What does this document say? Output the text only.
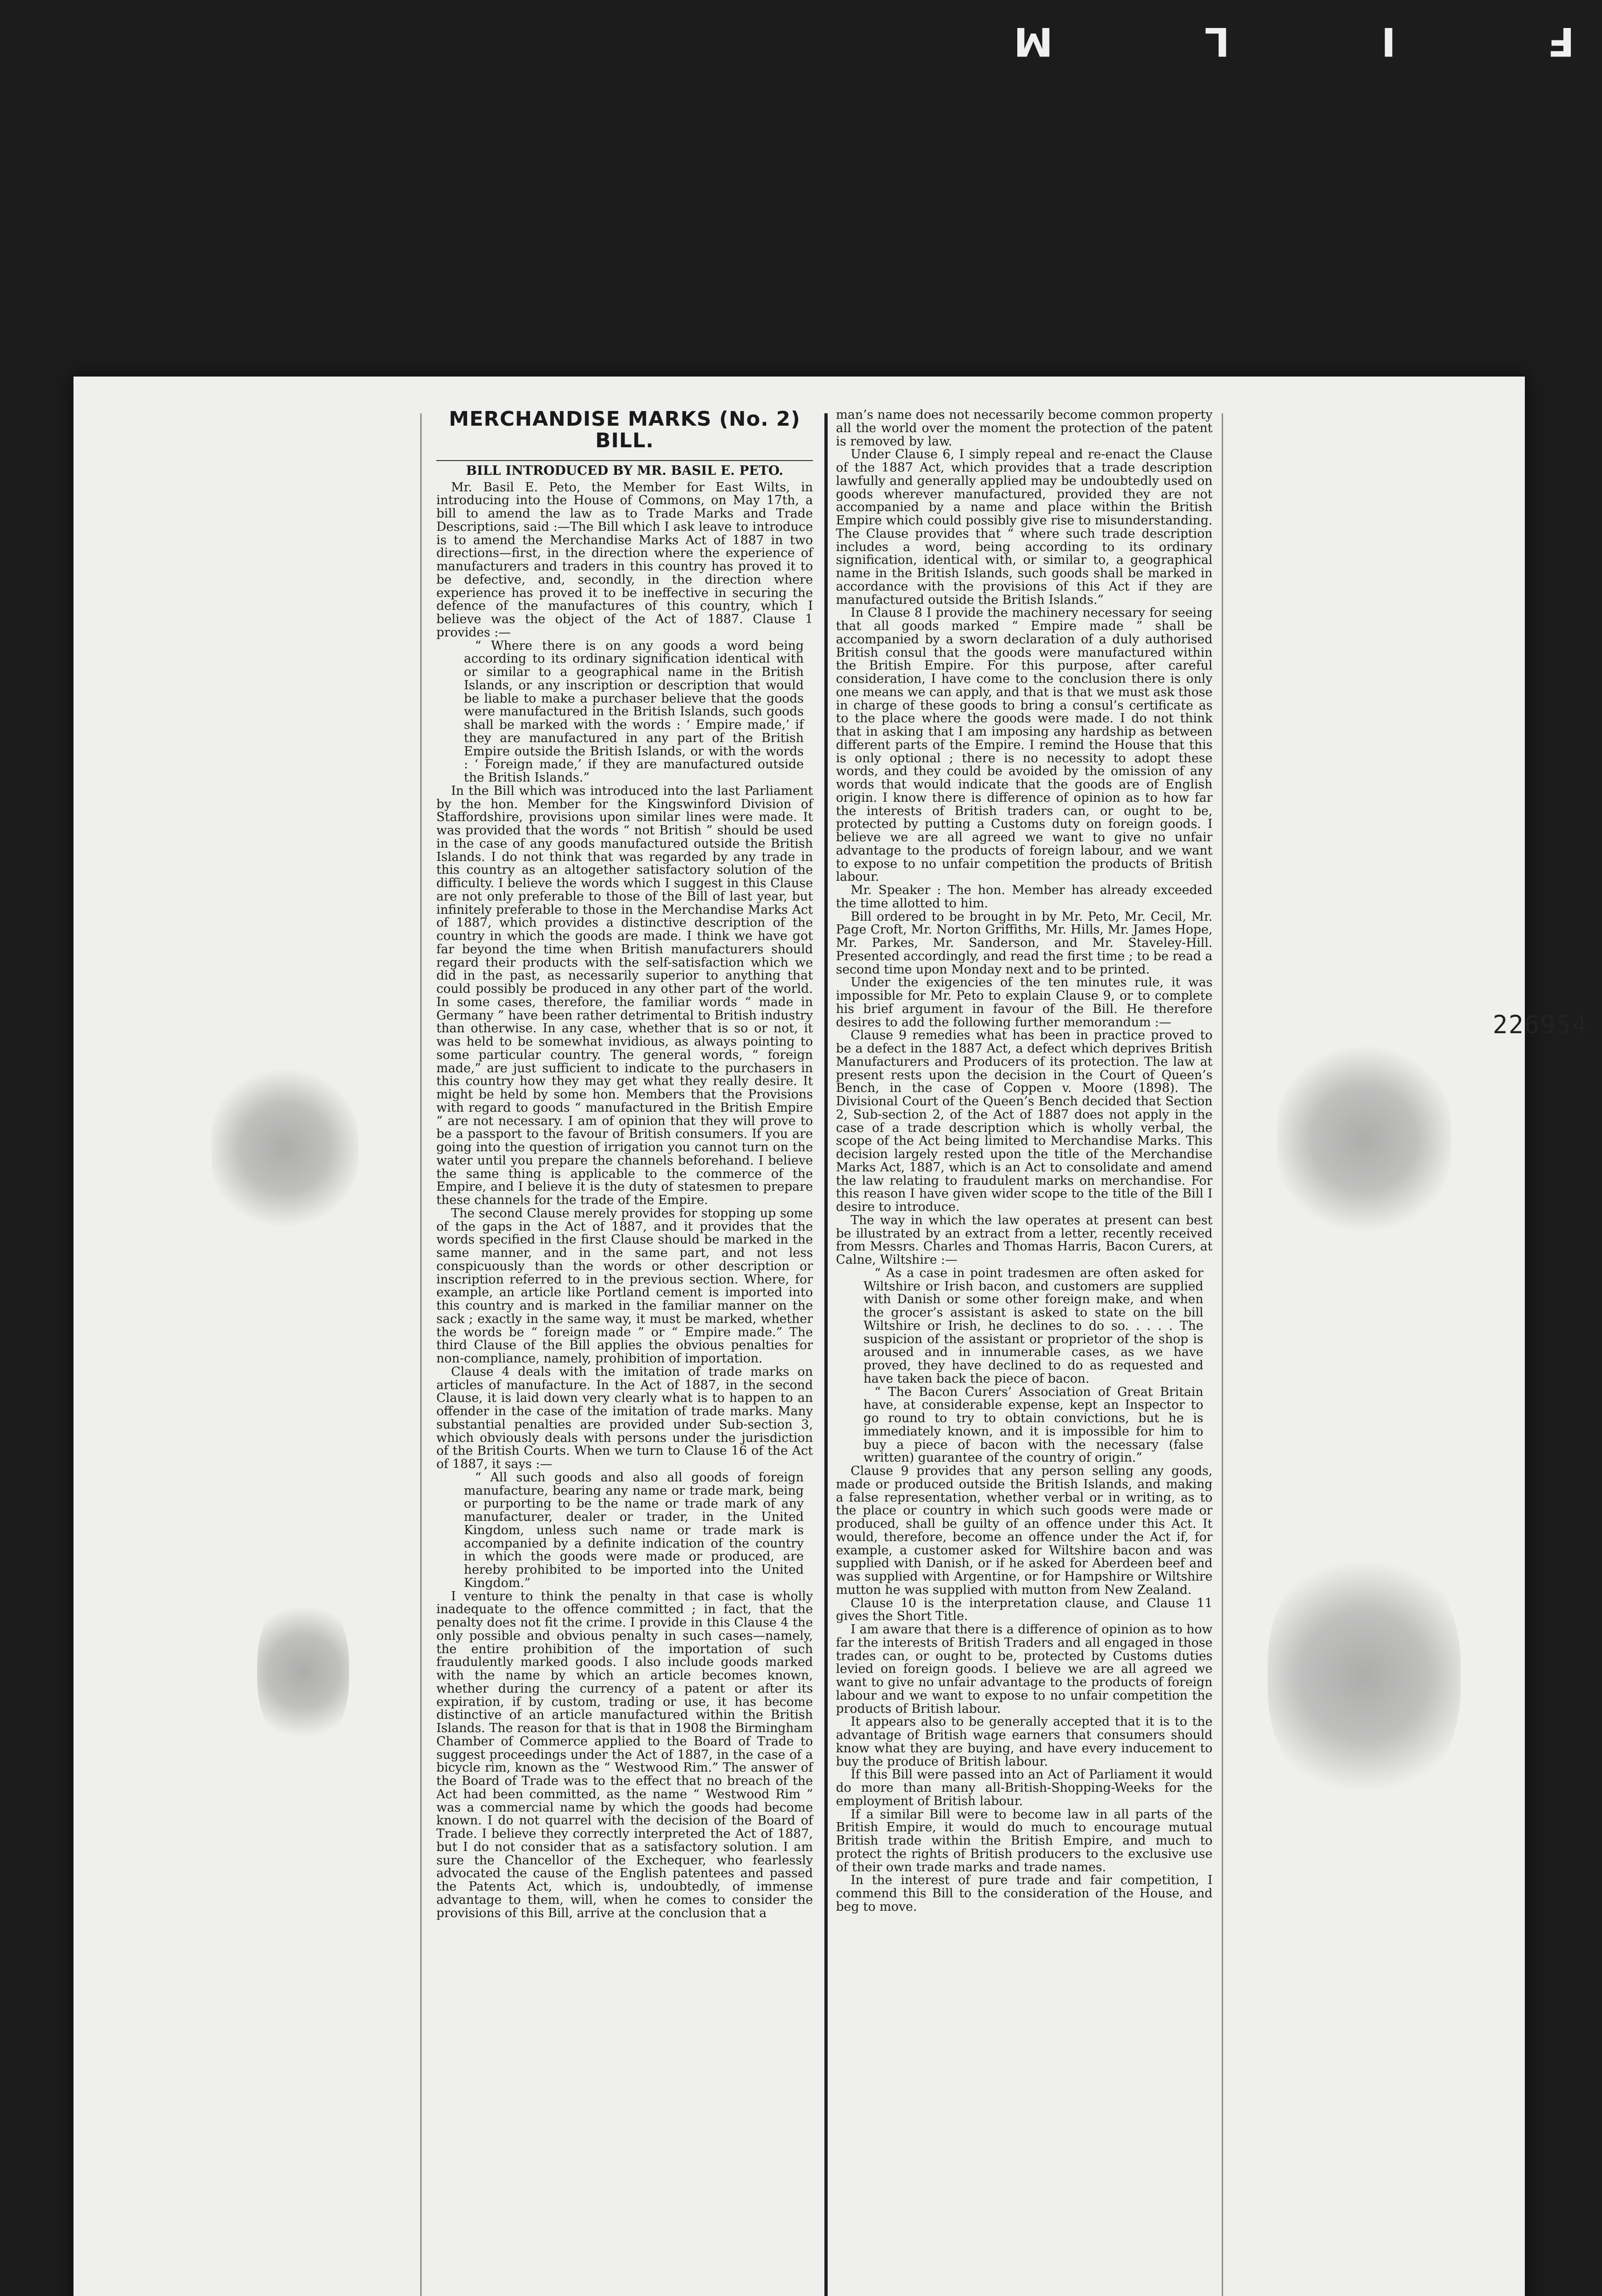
F I L M
MERCHANDISE MARKS (No. 2) BILL.
BILL INTRODUCED BY MR. BASIL E. PETO.

Mr. Basil E. Peto, the Member for East Wilts, in introducing into the House of Commons, on May 17th, a bill to amend the law as to Trade Marks and Trade Descriptions, said :—The Bill which I ask leave to introduce is to amend the Merchandise Marks Act of 1887 in two directions—first, in the direction where the experience of manufacturers and traders in this country has proved it to be defective, and, secondly, in the direction where experience has proved it to be ineffective in securing the defence of the manufactures of this country, which I believe was the object of the Act of 1887. Clause 1 provides :—

“ Where there is on any goods a word being according to its ordinary signification identical with or similar to a geographical name in the British Islands, or any inscription or description that would be liable to make a purchaser believe that the goods were manufactured in the British Islands, such goods shall be marked with the words : ‘ Empire made,’ if they are manufactured in any part of the British Empire outside the British Islands, or with the words : ‘ Foreign made,’ if they are manufactured outside the British Islands.”

In the Bill which was introduced into the last Parliament by the hon. Member for the Kingswinford Division of Staffordshire, provisions upon similar lines were made. It was provided that the words “ not British ” should be used in the case of any goods manufactured outside the British Islands. I do not think that was regarded by any trade in this country as an altogether satisfactory solution of the difficulty. I believe the words which I suggest in this Clause are not only preferable to those of the Bill of last year, but infinitely preferable to those in the Merchandise Marks Act of 1887, which provides a distinctive description of the country in which the goods are made. I think we have got far beyond the time when British manufacturers should regard their products with the self-satisfaction which we did in the past, as necessarily superior to anything that could possibly be produced in any other part of the world. In some cases, therefore, the familiar words “ made in Germany ” have been rather detrimental to British industry than otherwise. In any case, whether that is so or not, it was held to be somewhat invidious, as always pointing to some particular country. The general words, “ foreign made,” are just sufficient to indicate to the purchasers in this country how they may get what they really desire. It might be held by some hon. Members that the Provisions with regard to goods “ manufactured in the British Empire ” are not necessary. I am of opinion that they will prove to be a passport to the favour of British consumers. If you are going into the question of irrigation you cannot turn on the water until you prepare the channels beforehand. I believe the same thing is applicable to the commerce of the Empire, and I believe it is the duty of statesmen to prepare these channels for the trade of the Empire.

The second Clause merely provides for stopping up some of the gaps in the Act of 1887, and it provides that the words specified in the first Clause should be marked in the same manner, and in the same part, and not less conspicuously than the words or other description or inscription referred to in the previous section. Where, for example, an article like Portland cement is imported into this country and is marked in the familiar manner on the sack ; exactly in the same way, it must be marked, whether the words be “ foreign made ” or “ Empire made.” The third Clause of the Bill applies the obvious penalties for non-compliance, namely, prohibition of importation.

Clause 4 deals with the imitation of trade marks on articles of manufacture. In the Act of 1887, in the second Clause, it is laid down very clearly what is to happen to an offender in the case of the imitation of trade marks. Many substantial penalties are provided under Sub-section 3, which obviously deals with persons under the jurisdiction of the British Courts. When we turn to Clause 16 of the Act of 1887, it says :—

“ All such goods and also all goods of foreign manufacture, bearing any name or trade mark, being or purporting to be the name or trade mark of any manufacturer, dealer or trader, in the United Kingdom, unless such name or trade mark is accompanied by a definite indication of the country in which the goods were made or produced, are hereby prohibited to be imported into the United Kingdom.”

I venture to think the penalty in that case is wholly inadequate to the offence committed ; in fact, that the penalty does not fit the crime. I provide in this Clause 4 the only possible and obvious penalty in such cases—namely, the entire prohibition of the importation of such fraudulently marked goods. I also include goods marked with the name by which an article becomes known, whether during the currency of a patent or after its expiration, if by custom, trading or use, it has become distinctive of an article manufactured within the British Islands. The reason for that is that in 1908 the Birmingham Chamber of Commerce applied to the Board of Trade to suggest proceedings under the Act of 1887, in the case of a bicycle rim, known as the “ Westwood Rim.” The answer of the Board of Trade was to the effect that no breach of the Act had been committed, as the name “ Westwood Rim ” was a commercial name by which the goods had become known. I do not quarrel with the decision of the Board of Trade. I believe they correctly interpreted the Act of 1887, but I do not consider that as a satisfactory solution. I am sure the Chancellor of the Exchequer, who fearlessly advocated the cause of the English patentees and passed the Patents Act, which is, undoubtedly, of immense advantage to them, will, when he comes to consider the provisions of this Bill, arrive at the conclusion that a

man’s name does not necessarily become common property all the world over the moment the protection of the patent is removed by law.

Under Clause 6, I simply repeal and re-enact the Clause of the 1887 Act, which provides that a trade description lawfully and generally applied may be undoubtedly used on goods wherever manufactured, provided they are not accompanied by a name and place within the British Empire which could possibly give rise to misunderstanding. The Clause provides that “ where such trade description includes a word, being according to its ordinary signification, identical with, or similar to, a geographical name in the British Islands, such goods shall be marked in accordance with the provisions of this Act if they are manufactured outside the British Islands.”

In Clause 8 I provide the machinery necessary for seeing that all goods marked “ Empire made ” shall be accompanied by a sworn declaration of a duly authorised British consul that the goods were manufactured within the British Empire. For this purpose, after careful consideration, I have come to the conclusion there is only one means we can apply, and that is that we must ask those in charge of these goods to bring a consul’s certificate as to the place where the goods were made. I do not think that in asking that I am imposing any hardship as between different parts of the Empire. I remind the House that this is only optional ; there is no necessity to adopt these words, and they could be avoided by the omission of any words that would indicate that the goods are of English origin. I know there is difference of opinion as to how far the interests of British traders can, or ought to be, protected by putting a Customs duty on foreign goods. I believe we are all agreed we want to give no unfair advantage to the products of foreign labour, and we want to expose to no unfair competition the products of British labour.

Mr. Speaker : The hon. Member has already exceeded the time allotted to him.

Bill ordered to be brought in by Mr. Peto, Mr. Cecil, Mr. Page Croft, Mr. Norton Griffiths, Mr. Hills, Mr. James Hope, Mr. Parkes, Mr. Sanderson, and Mr. Staveley-Hill. Presented accordingly, and read the first time ; to be read a second time upon Monday next and to be printed.

Under the exigencies of the ten minutes rule, it was impossible for Mr. Peto to explain Clause 9, or to complete his brief argument in favour of the Bill. He therefore desires to add the following further memorandum :—

Clause 9 remedies what has been in practice proved to be a defect in the 1887 Act, a defect which deprives British Manufacturers and Producers of its protection. The law at present rests upon the decision in the Court of Queen’s Bench, in the case of Coppen v. Moore (1898). The Divisional Court of the Queen’s Bench decided that Section 2, Sub-section 2, of the Act of 1887 does not apply in the case of a trade description which is wholly verbal, the scope of the Act being limited to Merchandise Marks. This decision largely rested upon the title of the Merchandise Marks Act, 1887, which is an Act to consolidate and amend the law relating to fraudulent marks on merchandise. For this reason I have given wider scope to the title of the Bill I desire to introduce.

The way in which the law operates at present can best be illustrated by an extract from a letter, recently received from Messrs. Charles and Thomas Harris, Bacon Curers, at Calne, Wiltshire :—

“ As a case in point tradesmen are often asked for Wiltshire or Irish bacon, and customers are supplied with Danish or some other foreign make, and when the grocer’s assistant is asked to state on the bill Wiltshire or Irish, he declines to do so. . . . . The suspicion of the assistant or proprietor of the shop is aroused and in innumerable cases, as we have proved, they have declined to do as requested and have taken back the piece of bacon.

“ The Bacon Curers’ Association of Great Britain have, at considerable expense, kept an Inspector to go round to try to obtain convictions, but he is immediately known, and it is impossible for him to buy a piece of bacon with the necessary (false written) guarantee of the country of origin.”

Clause 9 provides that any person selling any goods, made or produced outside the British Islands, and making a false representation, whether verbal or in writing, as to the place or country in which such goods were made or produced, shall be guilty of an offence under this Act. It would, therefore, become an offence under the Act if, for example, a customer asked for Wiltshire bacon and was supplied with Danish, or if he asked for Aberdeen beef and was supplied with Argentine, or for Hampshire or Wiltshire mutton he was supplied with mutton from New Zealand.

Clause 10 is the interpretation clause, and Clause 11 gives the Short Title.

I am aware that there is a difference of opinion as to how far the interests of British Traders and all engaged in those trades can, or ought to be, protected by Customs duties levied on foreign goods. I believe we are all agreed we want to give no unfair advantage to the products of foreign labour and we want to expose to no unfair competition the products of British labour.

It appears also to be generally accepted that it is to the advantage of British wage earners that consumers should know what they are buying, and have every inducement to buy the produce of British labour.

If this Bill were passed into an Act of Parliament it would do more than many all-British-Shopping-Weeks for the employment of British labour.

If a similar Bill were to become law in all parts of the British Empire, it would do much to encourage mutual British trade within the British Empire, and much to protect the rights of British producers to the exclusive use of their own trade marks and trade names.

In the interest of pure trade and fair competition, I commend this Bill to the consideration of the House, and beg to move.

226954
